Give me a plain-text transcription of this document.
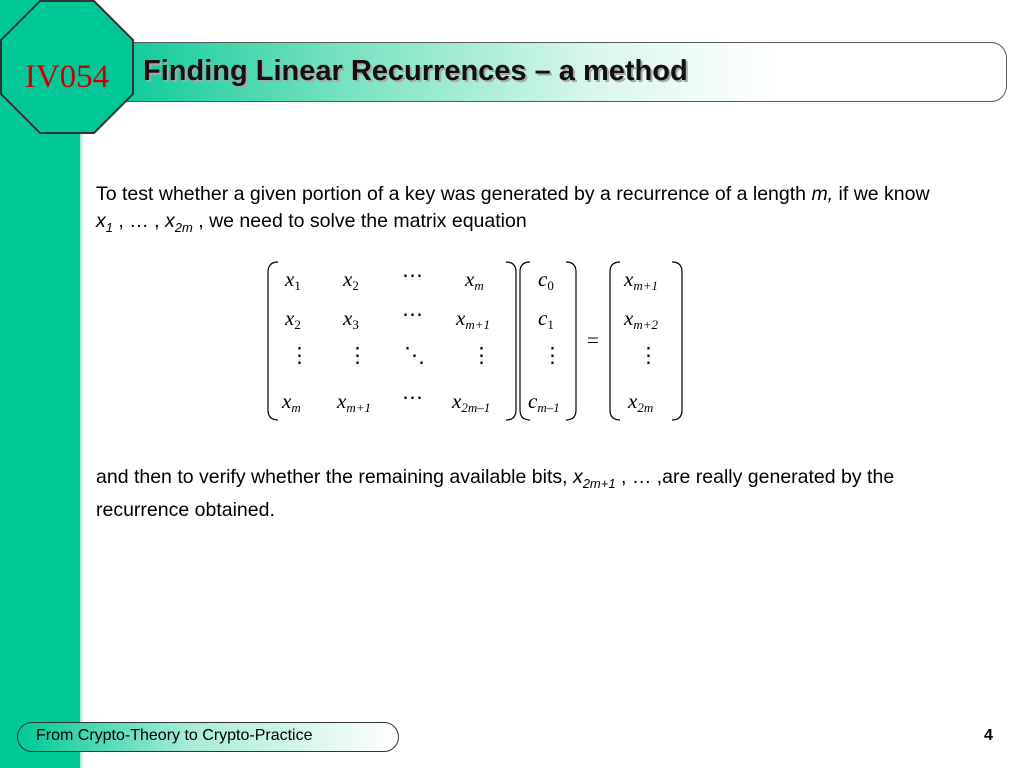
IV054 Finding Linear Recurrences – a method
To test whether a given portion of a key was generated by a recurrence of a length m, if we know $x_1$ , … , $x_{2m}$ , we need to solve the matrix equation
x1 x2 ⋯ xm	c0	xm+1
x2 x3 ⋯ xm+1 c1	xm+2
⋮ ⋮ ⋱ ⋮ ⋮	⋮
=
xm xm+1 ⋯ x2m–1 cm–1	x2m
and then to verify whether the remaining available bits, $x_{2m+1}$ , … ,are really generated by the recurrence obtained.
From Crypto-Theory to Crypto-Practice	4
